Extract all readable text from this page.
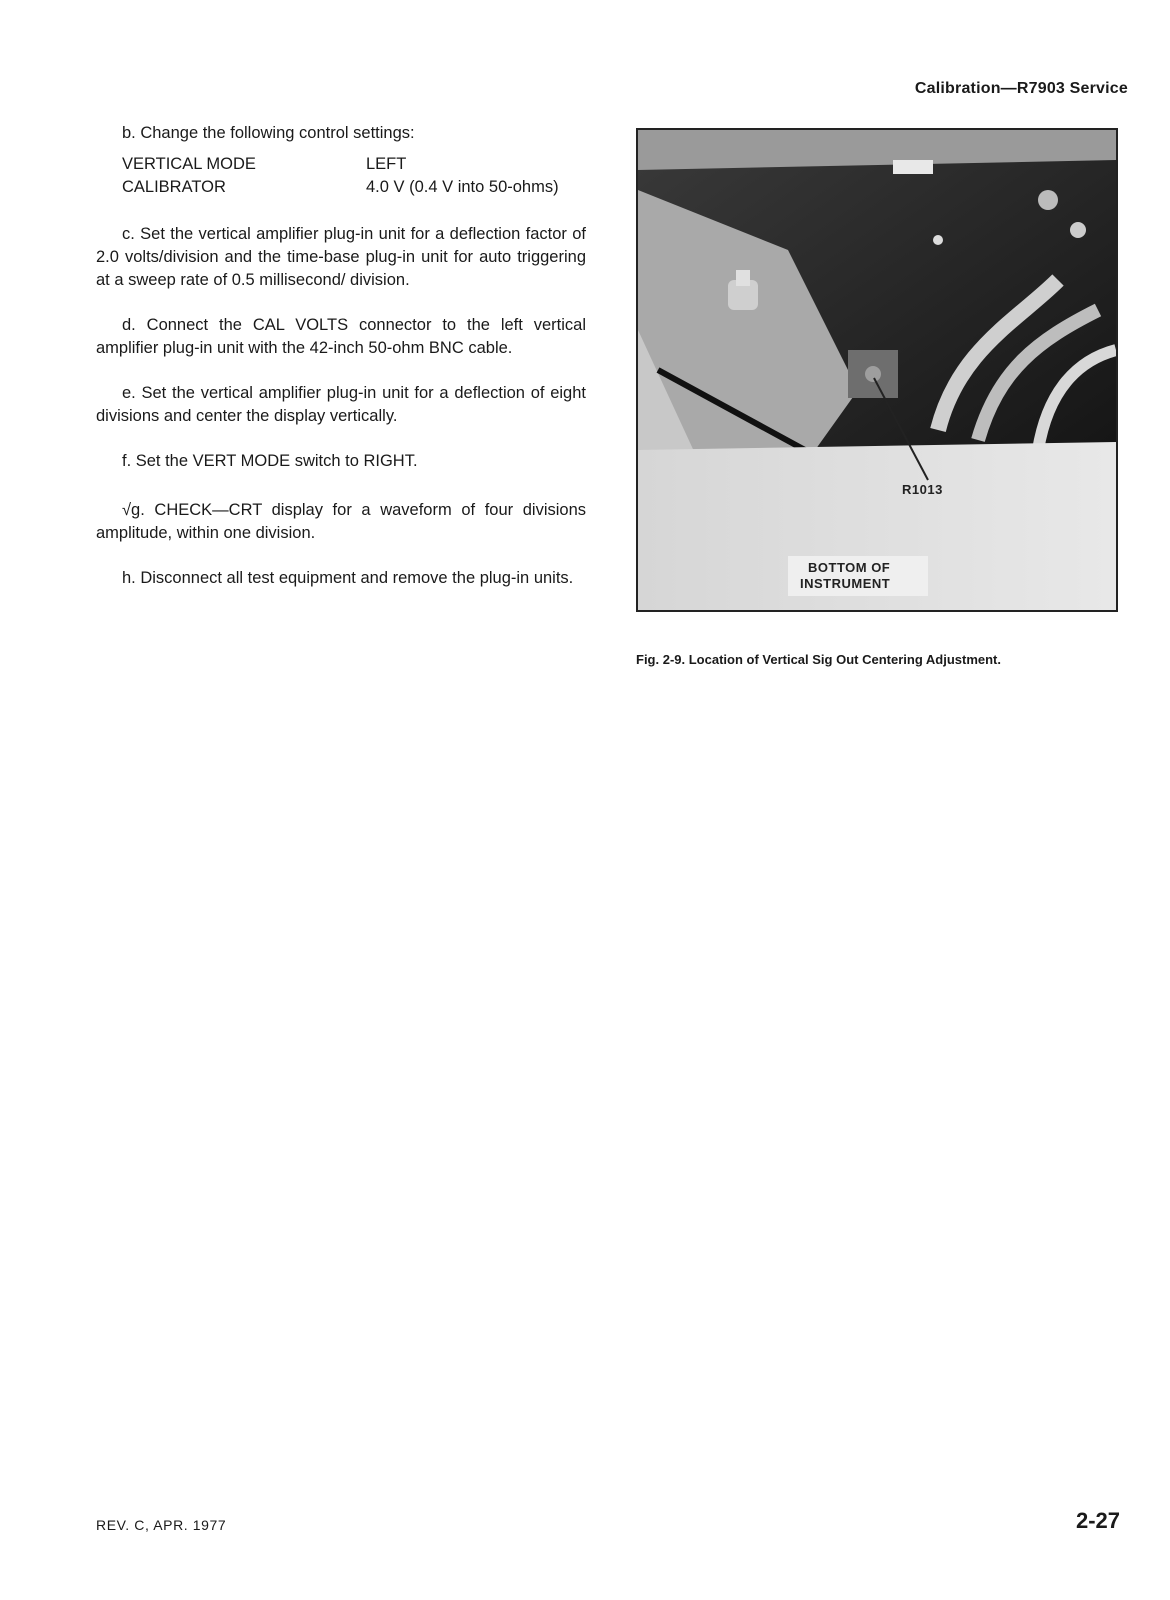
Calibration—R7903 Service

b. Change the following control settings:

VERTICAL MODE	LEFT
CALIBRATOR	4.0 V (0.4 V into 50-ohms)

c. Set the vertical amplifier plug-in unit for a deflection factor of 2.0 volts/division and the time-base plug-in unit for auto triggering at a sweep rate of 0.5 millisecond/ division.

d. Connect the CAL VOLTS connector to the left vertical amplifier plug-in unit with the 42-inch 50-ohm BNC cable.

e. Set the vertical amplifier plug-in unit for a deflection of eight divisions and center the display vertically.

f. Set the VERT MODE switch to RIGHT.

√g. CHECK—CRT display for a waveform of four divisions amplitude, within one division.

h. Disconnect all test equipment and remove the plug-in units.

R1013
BOTTOM OF
INSTRUMENT
Fig. 2-9. Location of Vertical Sig Out Centering Adjustment.
REV. C, APR. 1977	2-27
